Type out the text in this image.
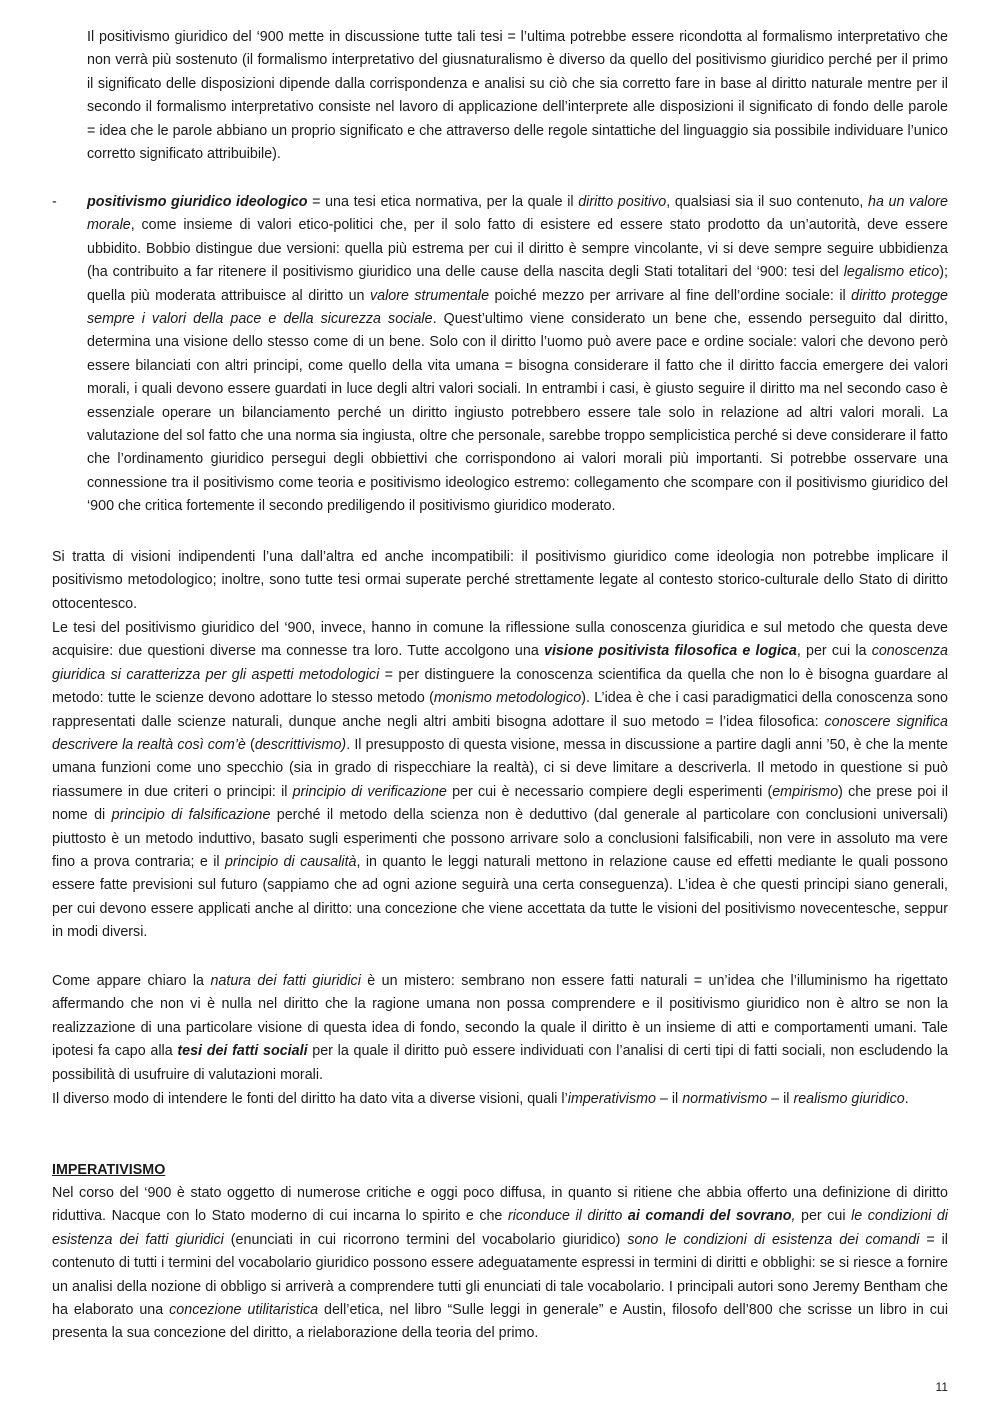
Il positivismo giuridico del ‘900 mette in discussione tutte tali tesi = l’ultima potrebbe essere ricondotta al formalismo interpretativo che non verrà più sostenuto (il formalismo interpretativo del giusnaturalismo è diverso da quello del positivismo giuridico perché per il primo il significato delle disposizioni dipende dalla corrispondenza e analisi su ciò che sia corretto fare in base al diritto naturale mentre per il secondo il formalismo interpretativo consiste nel lavoro di applicazione dell’interprete alle disposizioni il significato di fondo delle parole = idea che le parole abbiano un proprio significato e che attraverso delle regole sintattiche del linguaggio sia possibile individuare l’unico corretto significato attribuibile).

- positivismo giuridico ideologico = una tesi etica normativa, per la quale il diritto positivo, qualsiasi sia il suo contenuto, ha un valore morale, come insieme di valori etico-politici che, per il solo fatto di esistere ed essere stato prodotto da un’autorità, deve essere ubbidito. Bobbio distingue due versioni: quella più estrema per cui il diritto è sempre vincolante, vi si deve sempre seguire ubbidienza (ha contribuito a far ritenere il positivismo giuridico una delle cause della nascita degli Stati totalitari del ‘900: tesi del legalismo etico); quella più moderata attribuisce al diritto un valore strumentale poiché mezzo per arrivare al fine dell’ordine sociale: il diritto protegge sempre i valori della pace e della sicurezza sociale. Quest’ultimo viene considerato un bene che, essendo perseguito dal diritto, determina una visione dello stesso come di un bene. Solo con il diritto l’uomo può avere pace e ordine sociale: valori che devono però essere bilanciati con altri principi, come quello della vita umana = bisogna considerare il fatto che il diritto faccia emergere dei valori morali, i quali devono essere guardati in luce degli altri valori sociali. In entrambi i casi, è giusto seguire il diritto ma nel secondo caso è essenziale operare un bilanciamento perché un diritto ingiusto potrebbero essere tale solo in relazione ad altri valori morali. La valutazione del sol fatto che una norma sia ingiusta, oltre che personale, sarebbe troppo semplicistica perché si deve considerare il fatto che l’ordinamento giuridico persegui degli obbiettivi che corrispondono ai valori morali più importanti. Si potrebbe osservare una connessione tra il positivismo come teoria e positivismo ideologico estremo: collegamento che scompare con il positivismo giuridico del ‘900 che critica fortemente il secondo prediligendo il positivismo giuridico moderato.

Si tratta di visioni indipendenti l’una dall’altra ed anche incompatibili: il positivismo giuridico come ideologia non potrebbe implicare il positivismo metodologico; inoltre, sono tutte tesi ormai superate perché strettamente legate al contesto storico-culturale dello Stato di diritto ottocentesco.

Le tesi del positivismo giuridico del ‘900, invece, hanno in comune la riflessione sulla conoscenza giuridica e sul metodo che questa deve acquisire: due questioni diverse ma connesse tra loro. Tutte accolgono una visione positivista filosofica e logica, per cui la conoscenza giuridica si caratterizza per gli aspetti metodologici = per distinguere la conoscenza scientifica da quella che non lo è bisogna guardare al metodo: tutte le scienze devono adottare lo stesso metodo (monismo metodologico). L’idea è che i casi paradigmatici della conoscenza sono rappresentati dalle scienze naturali, dunque anche negli altri ambiti bisogna adottare il suo metodo = l’idea filosofica: conoscere significa descrivere la realtà così com’è (descrittivismo). Il presupposto di questa visione, messa in discussione a partire dagli anni ’50, è che la mente umana funzioni come uno specchio (sia in grado di rispecchiare la realtà), ci si deve limitare a descriverla. Il metodo in questione si può riassumere in due criteri o principi: il principio di verificazione per cui è necessario compiere degli esperimenti (empirismo) che prese poi il nome di principio di falsificazione perché il metodo della scienza non è deduttivo (dal generale al particolare con conclusioni universali) piuttosto è un metodo induttivo, basato sugli esperimenti che possono arrivare solo a conclusioni falsificabili, non vere in assoluto ma vere fino a prova contraria; e il principio di causalità, in quanto le leggi naturali mettono in relazione cause ed effetti mediante le quali possono essere fatte previsioni sul futuro (sappiamo che ad ogni azione seguirà una certa conseguenza). L’idea è che questi principi siano generali, per cui devono essere applicati anche al diritto: una concezione che viene accettata da tutte le visioni del positivismo novecentesche, seppur in modi diversi.

Come appare chiaro la natura dei fatti giuridici è un mistero: sembrano non essere fatti naturali = un’idea che l’illuminismo ha rigettato affermando che non vi è nulla nel diritto che la ragione umana non possa comprendere e il positivismo giuridico non è altro se non la realizzazione di una particolare visione di questa idea di fondo, secondo la quale il diritto è un insieme di atti e comportamenti umani. Tale ipotesi fa capo alla tesi dei fatti sociali per la quale il diritto può essere individuati con l’analisi di certi tipi di fatti sociali, non escludendo la possibilità di usufruire di valutazioni morali.

Il diverso modo di intendere le fonti del diritto ha dato vita a diverse visioni, quali l’imperativismo – il normativismo – il realismo giuridico.

IMPERATIVISMO

Nel corso del ‘900 è stato oggetto di numerose critiche e oggi poco diffusa, in quanto si ritiene che abbia offerto una definizione di diritto riduttiva. Nacque con lo Stato moderno di cui incarna lo spirito e che riconduce il diritto ai comandi del sovrano, per cui le condizioni di esistenza dei fatti giuridici (enunciati in cui ricorrono termini del vocabolario giuridico) sono le condizioni di esistenza dei comandi = il contenuto di tutti i termini del vocabolario giuridico possono essere adeguatamente espressi in termini di diritti e obblighi: se si riesce a fornire un analisi della nozione di obbligo si arriverà a comprendere tutti gli enunciati di tale vocabolario. I principali autori sono Jeremy Bentham che ha elaborato una concezione utilitaristica dell’etica, nel libro “Sulle leggi in generale” e Austin, filosofo dell’800 che scrisse un libro in cui presenta la sua concezione del diritto, a rielaborazione della teoria del primo.

11
